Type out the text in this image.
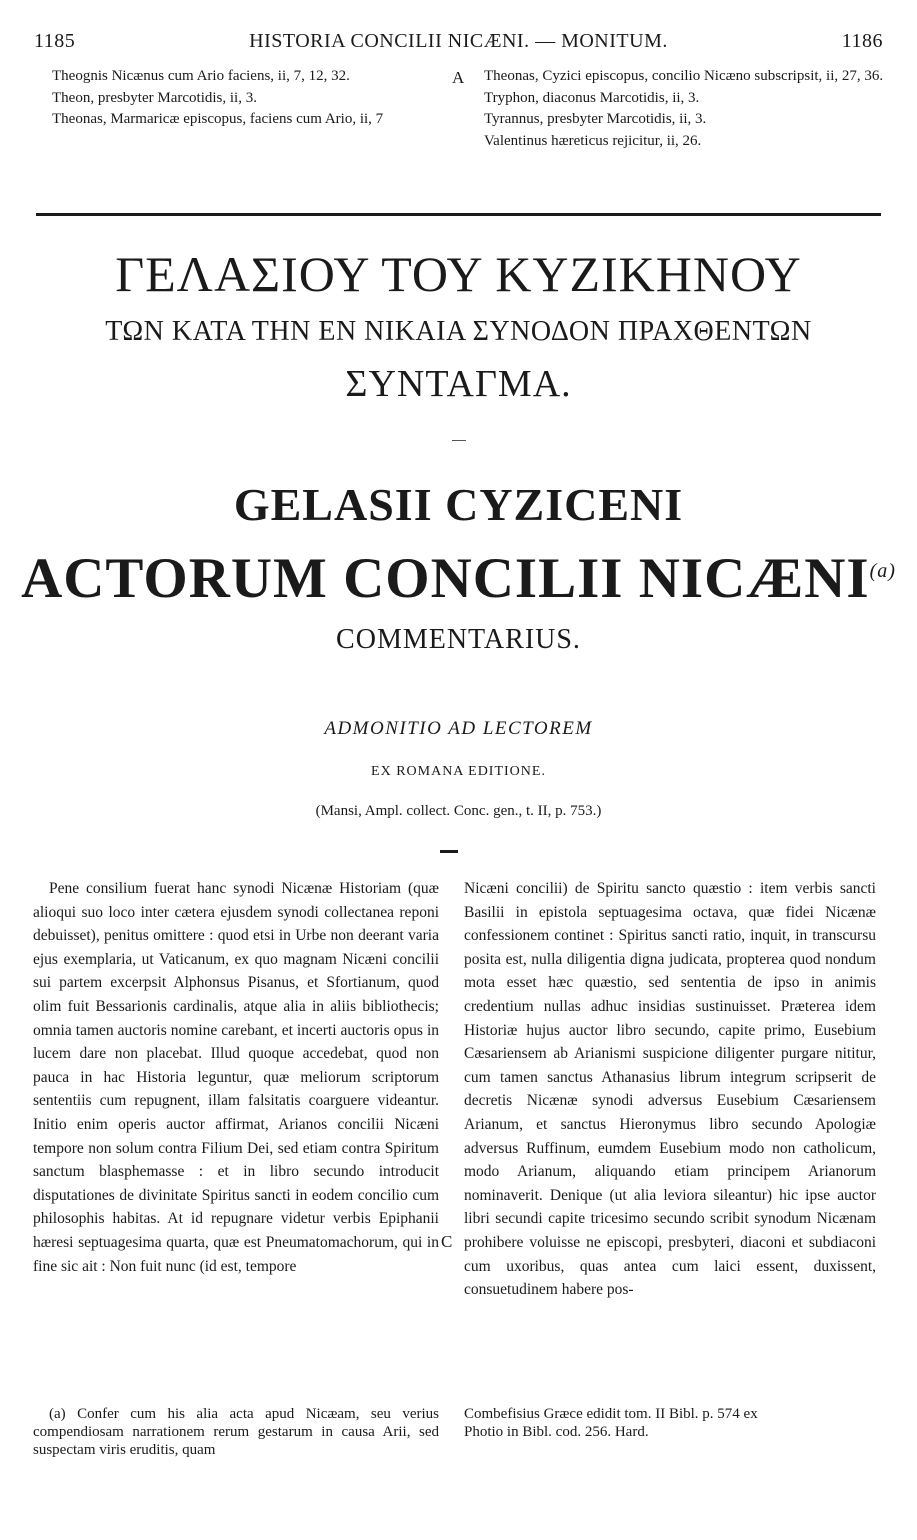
1185	HISTORIA CONCILII NICÆNI. — MONITUM.	1186

Theognis Nicænus cum Ario faciens, ii, 7, 12, 32.

Theon, presbyter Marcotidis, ii, 3.

Theonas, Marmaricæ episcopus, faciens cum Ario, ii, 7

A	Theonas, Cyzici episcopus, concilio Nicæno subscripsit, ii, 27, 36.

Tryphon, diaconus Marcotidis, ii, 3.

Tyrannus, presbyter Marcotidis, ii, 3.

Valentinus hæreticus rejicitur, ii, 26.

ΓΕΛΑΣΙΟΥ ΤΟΥ ΚΥΖΙΚΗΝΟΥ
ΤΩΝ ΚΑΤΑ ΤΗΝ ΕΝ ΝΙΚΑΙΑ ΣΥΝΟΔΟΝ ΠΡΑΧΘΕΝΤΩΝ
ΣΥΝΤΑΓΜΑ.
GELASII CYZICENI
ACTORUM CONCILII NICÆNI$^{(a)}$
COMMENTARIUS.
ADMONITIO AD LECTOREM
EX ROMANA EDITIONE.
(Mansi, Ampl. collect. Conc. gen., t. II, p. 753.)
Pene consilium fuerat hanc synodi Nicænæ Historiam (quæ alioqui suo loco inter cætera ejusdem synodi collectanea reponi debuisset), penitus omittere : quod etsi in Urbe non deerant varia ejus exemplaria, ut Vaticanum, ex quo magnam Nicæni concilii sui partem excerpsit Alphonsus Pisanus, et Sfortianum, quod olim fuit Bessarionis cardinalis, atque alia in aliis bibliothecis; omnia tamen auctoris nomine carebant, et incerti auctoris opus in lucem dare non placebat. Illud quoque accedebat, quod non pauca in hac Historia leguntur, quæ meliorum scriptorum sententiis cum repugnent, illam falsitatis coarguere videantur. Initio enim operis auctor affirmat, Arianos concilii Nicæni tempore non solum contra Filium Dei, sed etiam contra Spiritum sanctum blasphemasse : et in libro secundo introducit disputationes de divinitate Spiritus sancti in eodem concilio cum philosophis habitas. At id repugnare videtur verbis Epiphanii hæresi septuagesima quarta, quæ est Pneumatomachorum, qui in fine sic ait : Non fuit nunc (id est, tempore
C
Nicæni concilii) de Spiritu sancto quæstio : item verbis sancti Basilii in epistola septuagesima octava, quæ fidei Nicænæ confessionem continet : Spiritus sancti ratio, inquit, in transcursu posita est, nulla diligentia digna judicata, propterea quod nondum mota esset hæc quæstio, sed sententia de ipso in animis credentium nullas adhuc insidias sustinuisset. Præterea idem Historiæ hujus auctor libro secundo, capite primo, Eusebium Cæsariensem ab Arianismi suspicione diligenter purgare nititur, cum tamen sanctus Athanasius librum integrum scripserit de decretis Nicænæ synodi adversus Eusebium Cæsariensem Arianum, et sanctus Hieronymus libro secundo Apologiæ adversus Ruffinum, eumdem Eusebium modo non catholicum, modo Arianum, aliquando etiam principem Arianorum nominaverit. Denique (ut alia leviora sileantur) hic ipse auctor libri secundi capite tricesimo secundo scribit synodum Nicænam prohibere voluisse ne episcopi, presbyteri, diaconi et subdiaconi cum uxoribus, quas antea cum laici essent, duxissent, consuetudinem habere pos-
(a) Confer cum his alia acta apud Nicæam, seu verius compendiosam narrationem rerum gestarum in causa Arii, sed suspectam viris eruditis, quam

Combefisius Græce edidit tom. II Bibl. p. 574 ex

Photio in Bibl. cod. 256. Hard.
